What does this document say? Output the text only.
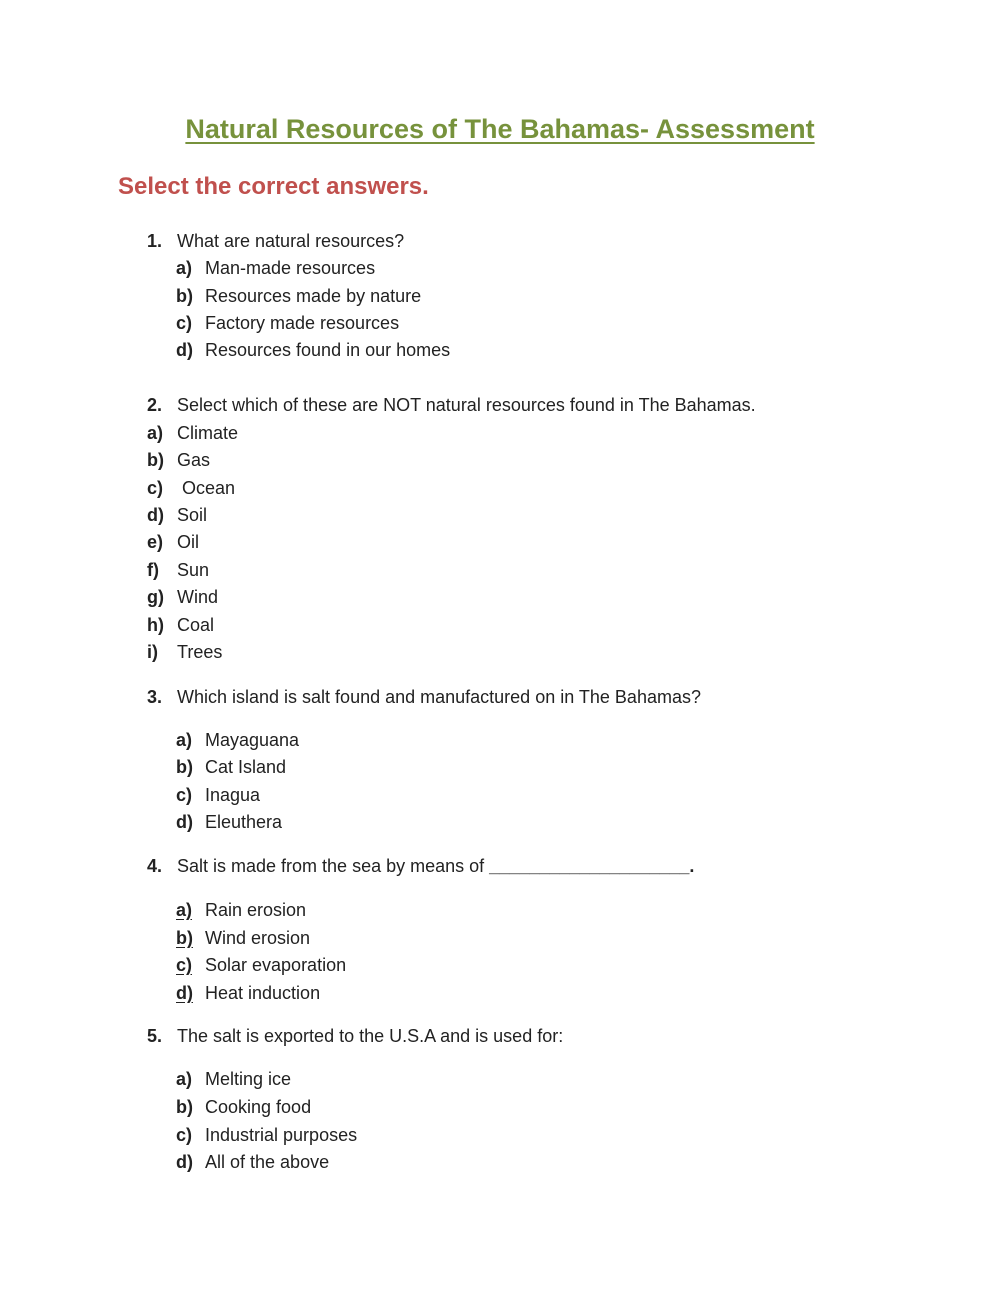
Natural Resources of The Bahamas- Assessment
Select the correct answers.
1. What are natural resources?
a) Man-made resources
b) Resources made by nature
c) Factory made resources
d) Resources found in our homes
2. Select which of these are NOT natural resources found in The Bahamas.
a) Climate
b) Gas
c) Ocean
d) Soil
e) Oil
f) Sun
g) Wind
h) Coal
i) Trees
3. Which island is salt found and manufactured on in The Bahamas?
a) Mayaguana
b) Cat Island
c) Inagua
d) Eleuthera
4. Salt is made from the sea by means of ____________________.
a) Rain erosion
b) Wind erosion
c) Solar evaporation
d) Heat induction
5. The salt is exported to the U.S.A and is used for:
a) Melting ice
b) Cooking food
c) Industrial purposes
d) All of the above
